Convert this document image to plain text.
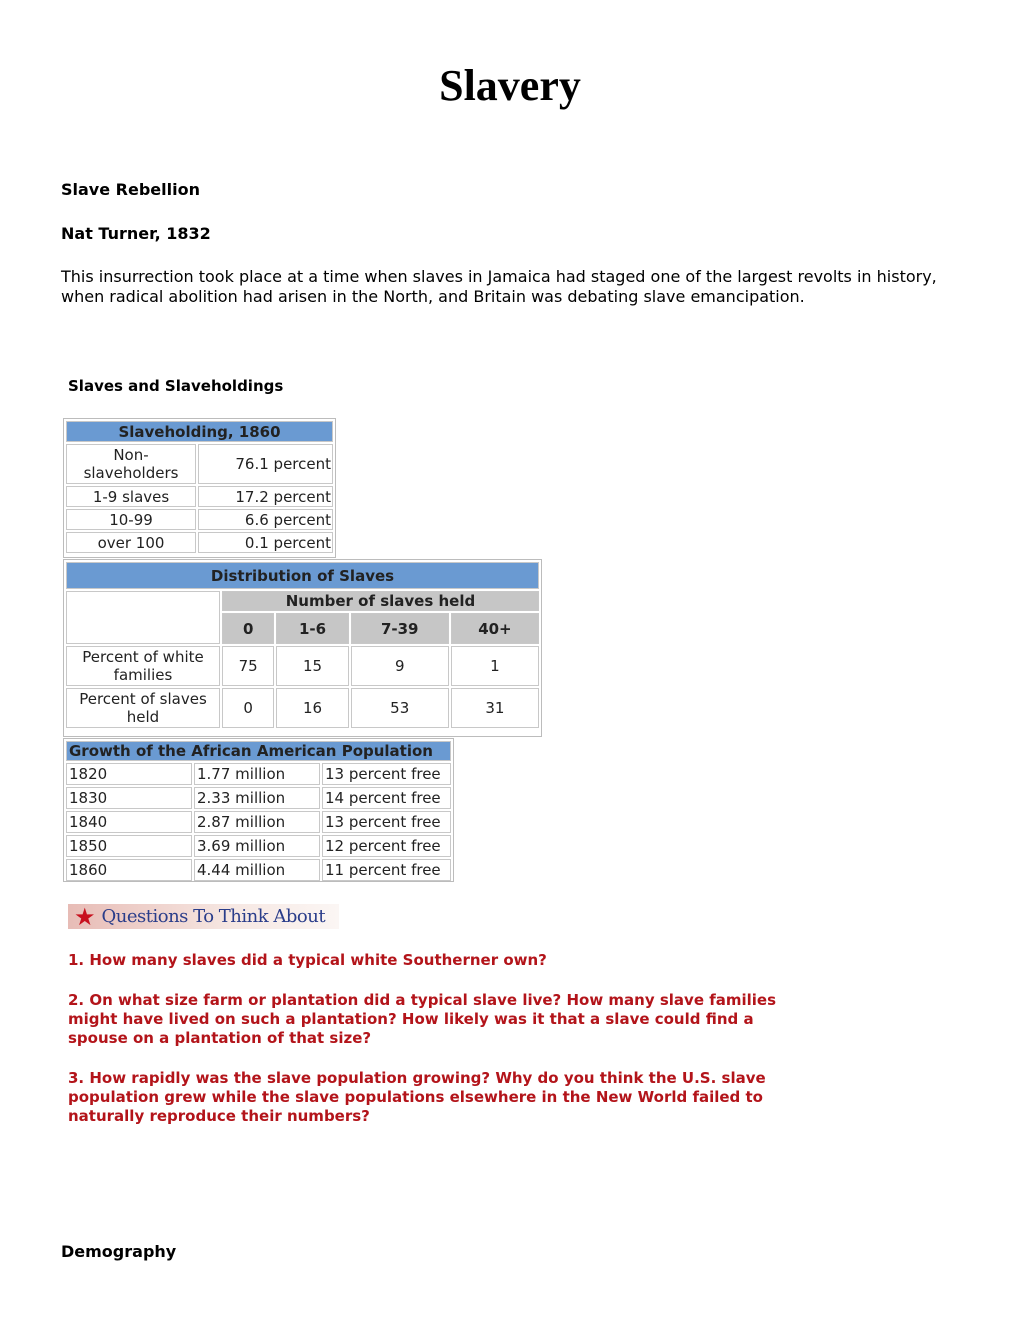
Slavery
Slave Rebellion
Nat Turner, 1832

This insurrection took place at a time when slaves in Jamaica had staged one of the largest revolts in history, when radical abolition had arisen in the North, and Britain was debating slave emancipation.

Slaves and Slaveholdings
Slaveholding, 1860	
Non-slaveholders	76.1 percent
1-9 slaves	17.2 percent
10-99	6.6 percent
over 100	0.1 percent
Distribution of Slaves				
	Number of slaves held			
	0	1-6	7-39	40+
Percent of white families	75	15	9	1
Percent of slaves held	0	16	53	31
Growth of the African American Population		
1820	1.77 million	13 percent free
1830	2.33 million	14 percent free
1840	2.87 million	13 percent free
1850	3.69 million	12 percent free
1860	4.44 million	11 percent free
★ Questions To Think About

1. How many slaves did a typical white Southerner own?

2. On what size farm or plantation did a typical slave live? How many slave families might have lived on such a plantation? How likely was it that a slave could find a spouse on a plantation of that size?

3. How rapidly was the slave population growing? Why do you think the U.S. slave population grew while the slave populations elsewhere in the New World failed to naturally reproduce their numbers?

Demography
